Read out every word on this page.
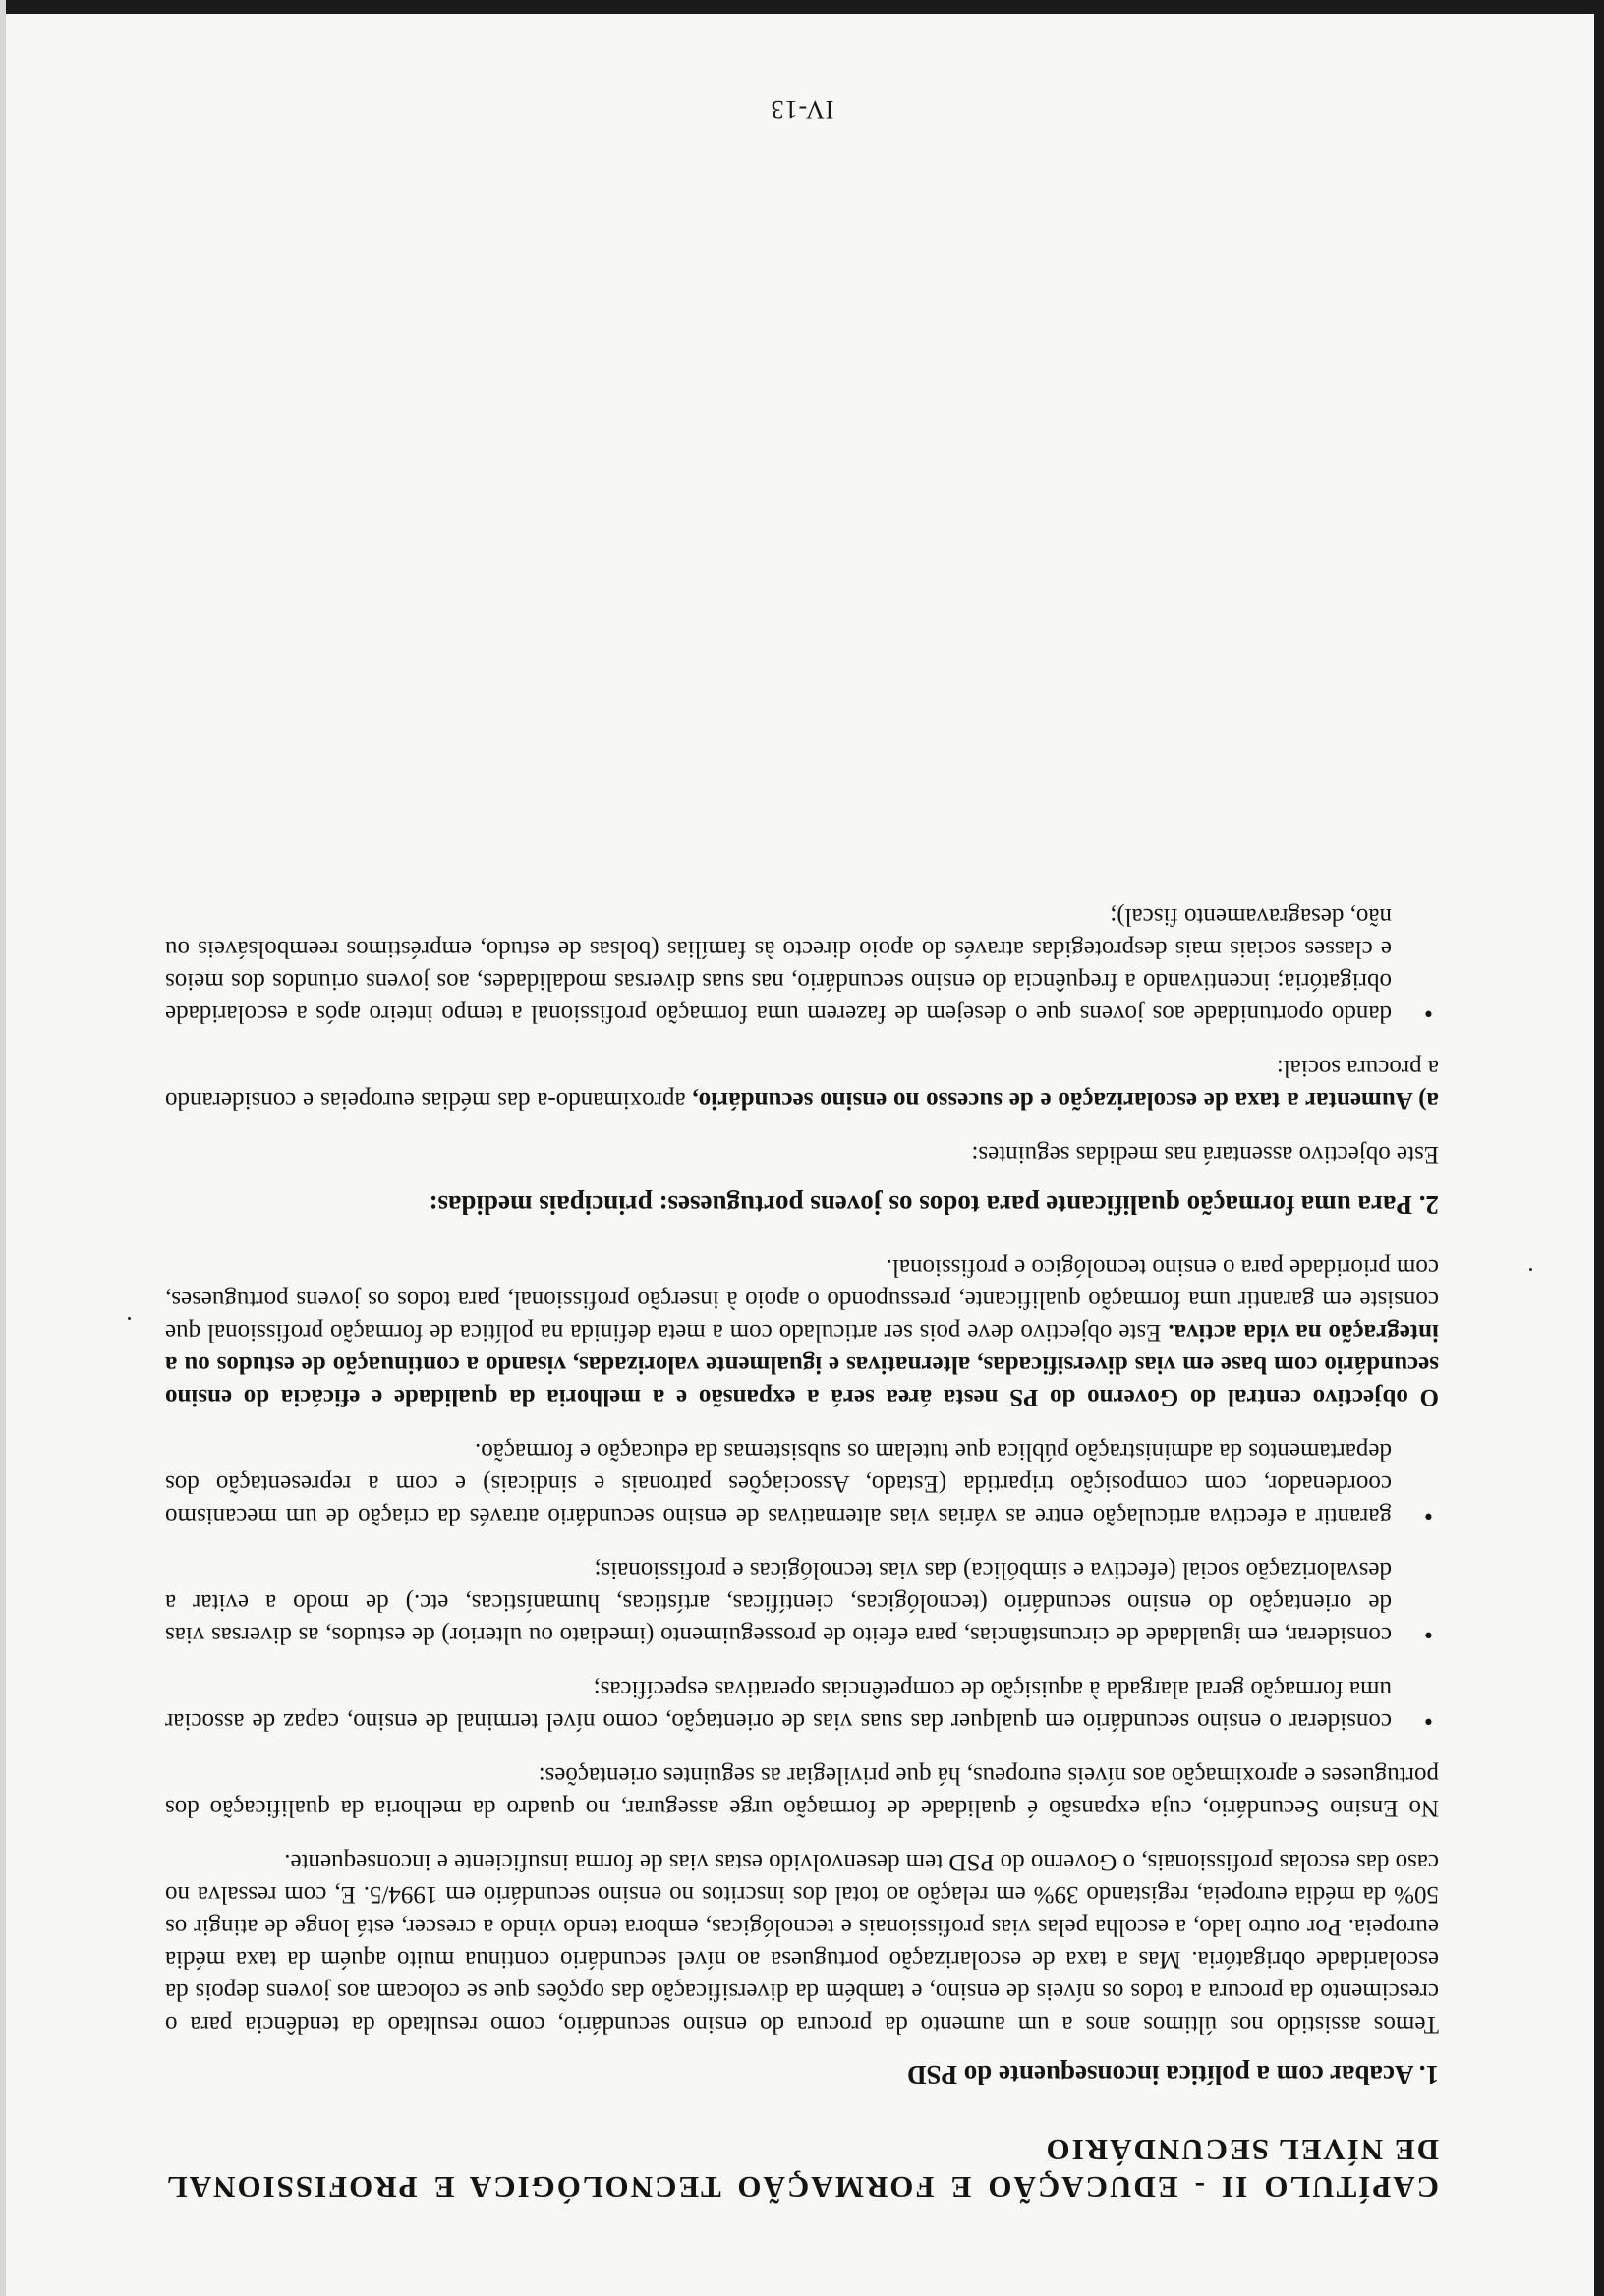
CAPÍTULO II - EDUCAÇÃO E FORMAÇÃO TECNOLÓGICA E PROFISSIONAL DE NÍVEL SECUNDÁRIO
1. Acabar com a política inconsequente do PSD

Temos assistido nos últimos anos a um aumento da procura do ensino secundário, como resultado da tendência para o crescimento da procura a todos os níveis de ensino, e também da diversificação das opções que se colocam aos jovens depois da escolaridade obrigatória. Mas a taxa de escolarização portuguesa ao nível secundário continua muito aquém da taxa média europeia. Por outro lado, a escolha pelas vias profissionais e tecnológicas, embora tendo vindo a crescer, está longe de atingir os 50% da média europeia, registando 39% em relação ao total dos inscritos no ensino secundário em 1994/5. E, com ressalva no caso das escolas profissionais, o Governo do PSD tem desenvolvido estas vias de forma insuficiente e inconsequente.

No Ensino Secundário, cuja expansão é qualidade de formação urge assegurar, no quadro da melhoria da qualificação dos portugueses e aproximação aos níveis europeus, há que privilegiar as seguintes orientações:

• considerar o ensino secundário em qualquer das suas vias de orientação, como nível terminal de ensino, capaz de associar uma formação geral alargada à aquisição de competências operativas específicas;
• considerar, em igualdade de circunstâncias, para efeito de prosseguimento (imediato ou ulterior) de estudos, as diversas vias de orientação do ensino secundário (tecnológicas, científicas, artísticas, humanísticas, etc.) de modo a evitar a desvalorização social (efectiva e simbólica) das vias tecnológicas e profissionais;
• garantir a efectiva articulação entre as várias vias alternativas de ensino secundário através da criação de um mecanismo coordenador, com composição tripartida (Estado, Associações patronais e sindicais) e com a representação dos departamentos da administração pública que tutelam os subsistemas da educação e formação.

O objectivo central do Governo do PS nesta área será a expansão e a melhoria da qualidade e eficácia do ensino secundário com base em vias diversificadas, alternativas e igualmente valorizadas, visando a continuação de estudos ou a integração na vida activa. Este objectivo deve pois ser articulado com a meta definida na política de formação profissional que consiste em garantir uma formação qualificante, pressupondo o apoio à inserção profissional, para todos os jovens portugueses, com prioridade para o ensino tecnológico e profissional.

2. Para uma formação qualificante para todos os jovens portugueses: principais medidas:

Este objectivo assentará nas medidas seguintes:

a) Aumentar a taxa de escolarização e de sucesso no ensino secundário, aproximando-a das médias europeias e considerando a procura social:

• dando oportunidade aos jovens que o desejem de fazerem uma formação profissional a tempo inteiro após a escolaridade obrigatória; incentivando a frequência do ensino secundário, nas suas diversas modalidades, aos jovens oriundos dos meios e classes sociais mais desprotegidas através do apoio directo às famílias (bolsas de estudo, empréstimos reembolsáveis ou não, desagravamento fiscal);
IV-13
